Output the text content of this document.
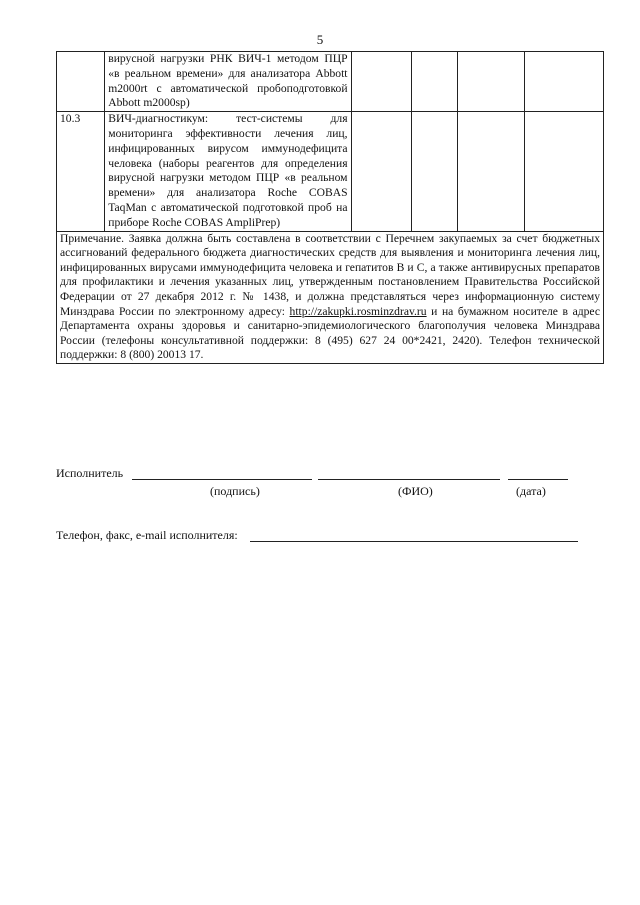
5
	вирусной нагрузки РНК ВИЧ-1 методом ПЦР «в реальном времени» для анализатора Abbott m2000rt с автоматической пробоподготовкой Abbott m2000sp)				
10.3	ВИЧ-диагностикум: тест-системы для мониторинга эффективности лечения лиц, инфицированных вирусом иммунодефицита человека (наборы реагентов для определения вирусной нагрузки методом ПЦР «в реальном времени» для анализатора Roche COBAS TaqMan с автоматической подготовкой проб на приборе Roche COBAS AmpliPrep)				
Примечание. Заявка должна быть составлена в соответствии с Перечнем закупаемых за счет бюджетных ассигнований федерального бюджета диагностических средств для выявления и мониторинга лечения лиц, инфицированных вирусами иммунодефицита человека и гепатитов В и С, а также антивирусных препаратов для профилактики и лечения указанных лиц, утвержденным постановлением Правительства Российской Федерации от 27 декабря 2012 г. № 1438, и должна представляться через информационную систему Минздрава России по электронному адресу: http://zakupki.rosminzdrav.ru и на бумажном носителе в адрес Департамента охраны здоровья и санитарно-эпидемиологического благополучия человека Минздрава России (телефоны консультативной поддержки: 8 (495) 627 24 00*2421, 2420). Телефон технической поддержки: 8 (800) 20013 17.					
Исполнитель
(подпись)	(ФИО)	(дата)
Телефон, факс, e-mail исполнителя:
